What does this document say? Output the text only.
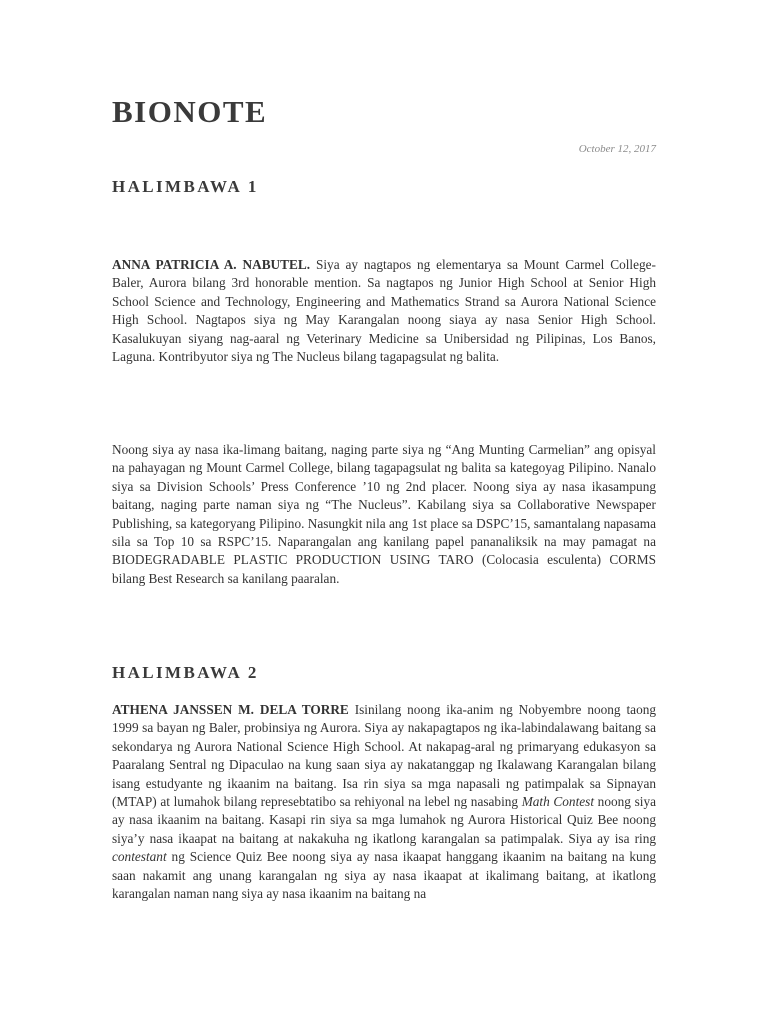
BIONOTE
October 12, 2017
HALIMBAWA 1

ANNA PATRICIA A. NABUTEL. Siya ay nagtapos ng elementarya sa Mount Carmel College-Baler, Aurora bilang 3rd honorable mention. Sa nagtapos ng Junior High School at Senior High School Science and Technology, Engineering and Mathematics Strand sa Aurora National Science High School. Nagtapos siya ng May Karangalan noong siaya ay nasa Senior High School. Kasalukuyan siyang nag-aaral ng Veterinary Medicine sa Unibersidad ng Pilipinas, Los Banos, Laguna. Kontribyutor siya ng The Nucleus bilang tagapagsulat ng balita.

Noong siya ay nasa ika-limang baitang, naging parte siya ng “Ang Munting Carmelian” ang opisyal na pahayagan ng Mount Carmel College, bilang tagapagsulat ng balita sa kategoyag Pilipino. Nanalo siya sa Division Schools’ Press Conference ’10 ng 2nd placer. Noong siya ay nasa ikasampung baitang, naging parte naman siya ng “The Nucleus”. Kabilang siya sa Collaborative Newspaper Publishing, sa kategoryang Pilipino. Nasungkit nila ang 1st place sa DSPC’15, samantalang napasama sila sa Top 10 sa RSPC’15. Naparangalan ang kanilang papel pananaliksik na may pamagat na BIODEGRADABLE PLASTIC PRODUCTION USING TARO (Colocasia esculenta) CORMS bilang Best Research sa kanilang paaralan.

HALIMBAWA 2

ATHENA JANSSEN M. DELA TORRE Isinilang noong ika-anim ng Nobyembre noong taong 1999 sa bayan ng Baler, probinsiya ng Aurora. Siya ay nakapagtapos ng ika-labindalawang baitang sa sekondarya ng Aurora National Science High School. At nakapag-aral ng primaryang edukasyon sa Paaralang Sentral ng Dipaculao na kung saan siya ay nakatanggap ng Ikalawang Karangalan bilang isang estudyante ng ikaanim na baitang. Isa rin siya sa mga napasali ng patimpalak sa Sipnayan (MTAP) at lumahok bilang represebtatibo sa rehiyonal na lebel ng nasabing Math Contest noong siya ay nasa ikaanim na baitang. Kasapi rin siya sa mga lumahok ng Aurora Historical Quiz Bee noong siya’y nasa ikaapat na baitang at nakakuha ng ikatlong karangalan sa patimpalak. Siya ay isa ring contestant ng Science Quiz Bee noong siya ay nasa ikaapat hanggang ikaanim na baitang na kung saan nakamit ang unang karangalan ng siya ay nasa ikaapat at ikalimang baitang, at ikatlong karangalan naman nang siya ay nasa ikaanim na baitang na
